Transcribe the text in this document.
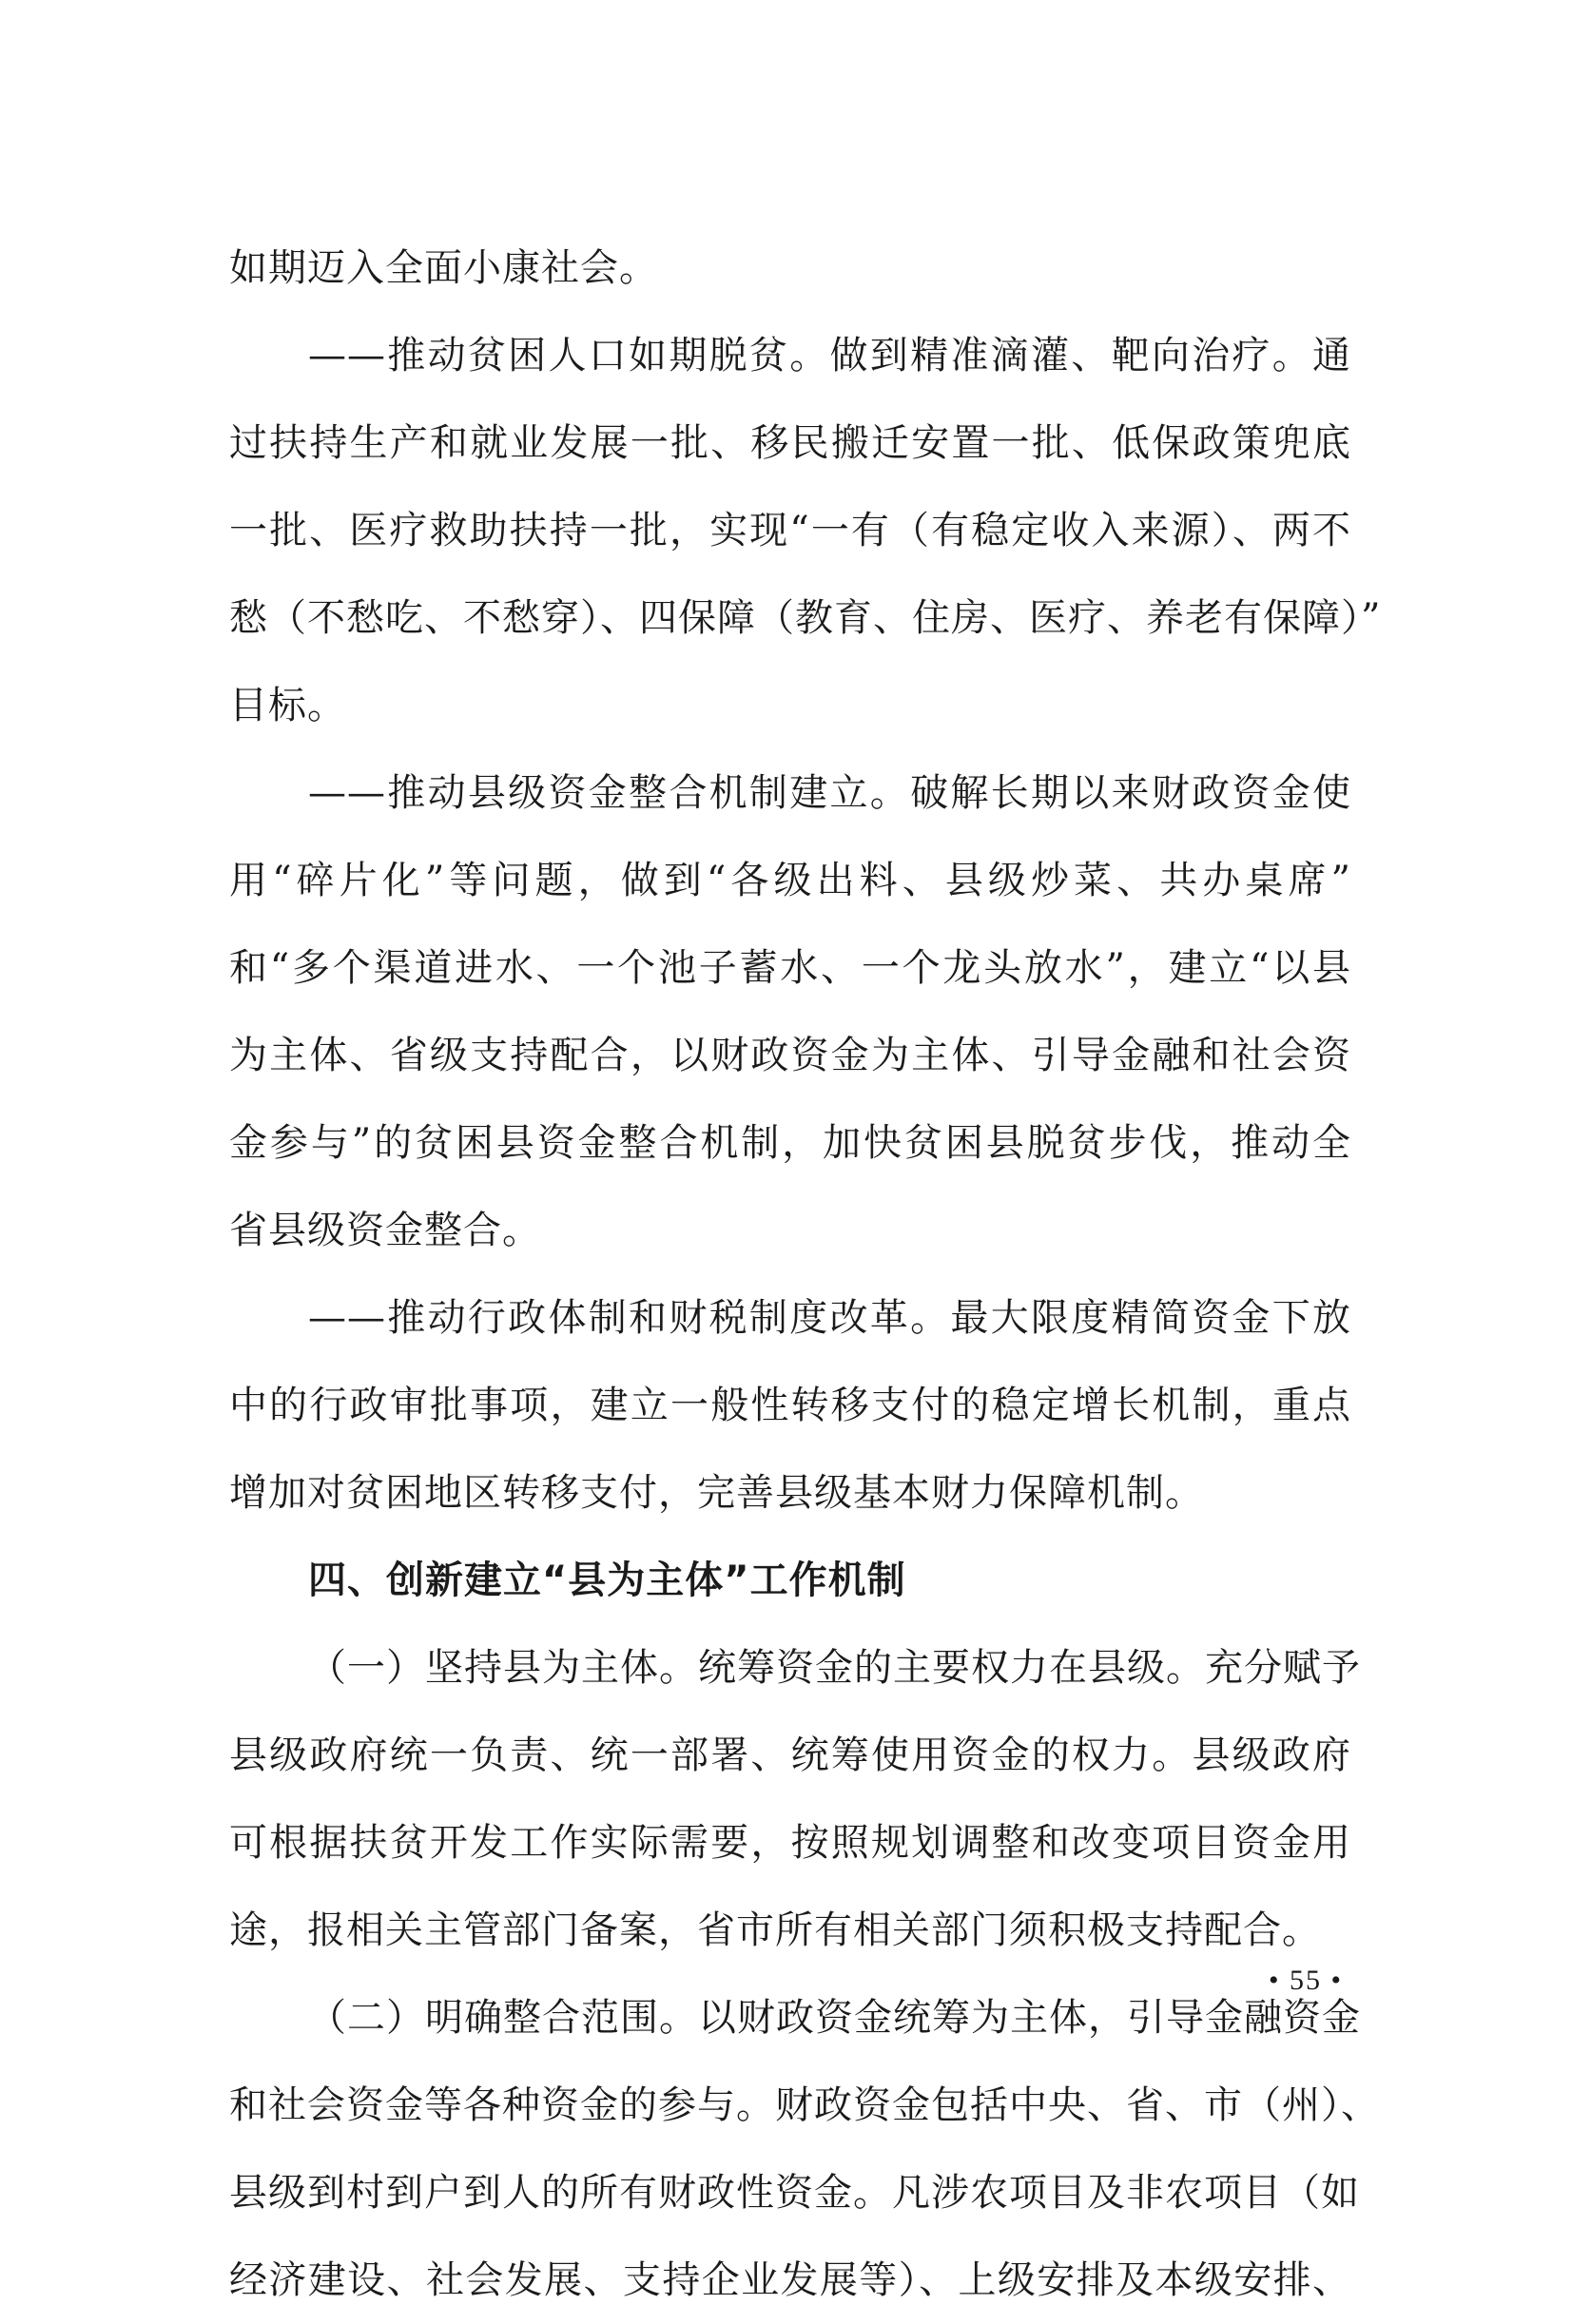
如期迈入全面小康社会。
——推动贫困人口如期脱贫。做到精准滴灌、靶向治疗。通
过扶持生产和就业发展一批、移民搬迁安置一批、低保政策兜底
一批、医疗救助扶持一批，实现“一有（有稳定收入来源）、两不
愁（不愁吃、不愁穿）、四保障（教育、住房、医疗、养老有保障）”
目标。
——推动县级资金整合机制建立。破解长期以来财政资金使
用“碎片化”等问题，做到“各级出料、县级炒菜、共办桌席”
和“多个渠道进水、一个池子蓄水、一个龙头放水”，建立“以县
为主体、省级支持配合，以财政资金为主体、引导金融和社会资
金参与”的贫困县资金整合机制，加快贫困县脱贫步伐，推动全
省县级资金整合。
——推动行政体制和财税制度改革。最大限度精简资金下放
中的行政审批事项，建立一般性转移支付的稳定增长机制，重点
增加对贫困地区转移支付，完善县级基本财力保障机制。
四、创新建立“县为主体”工作机制
（一）坚持县为主体。统筹资金的主要权力在县级。充分赋予
县级政府统一负责、统一部署、统筹使用资金的权力。县级政府
可根据扶贫开发工作实际需要，按照规划调整和改变项目资金用
途，报相关主管部门备案，省市所有相关部门须积极支持配合。
（二）明确整合范围。以财政资金统筹为主体，引导金融资金
和社会资金等各种资金的参与。财政资金包括中央、省、市（州）、
县级到村到户到人的所有财政性资金。凡涉农项目及非农项目（如
经济建设、社会发展、支持企业发展等）、上级安排及本级安排、
• 55 •
